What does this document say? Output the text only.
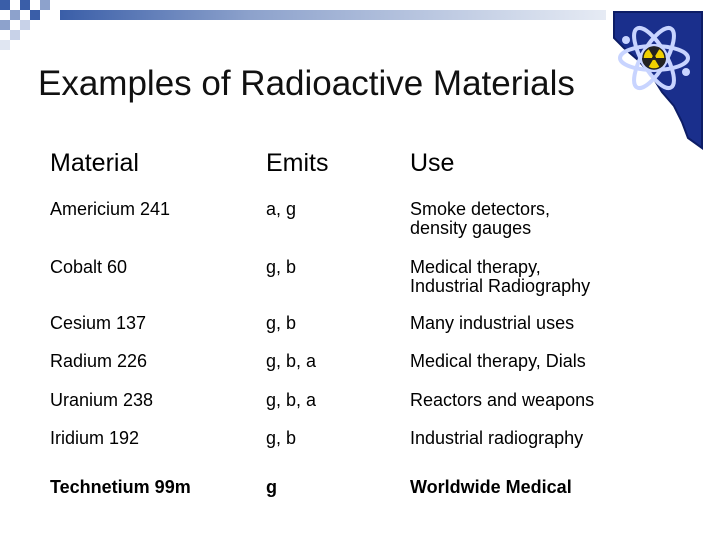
Examples of Radioactive Materials
Material	Emits	Use
Americium 241	a, g	Smoke detectors,
density gauges
Cobalt 60	g, b	Medical therapy,
Industrial Radiography
Cesium 137	g, b	Many industrial uses
Radium 226	g, b, a	Medical therapy, Dials
Uranium 238	g, b, a	Reactors and weapons
Iridium 192	g, b	Industrial radiography
Technetium 99m	g	Worldwide Medical
